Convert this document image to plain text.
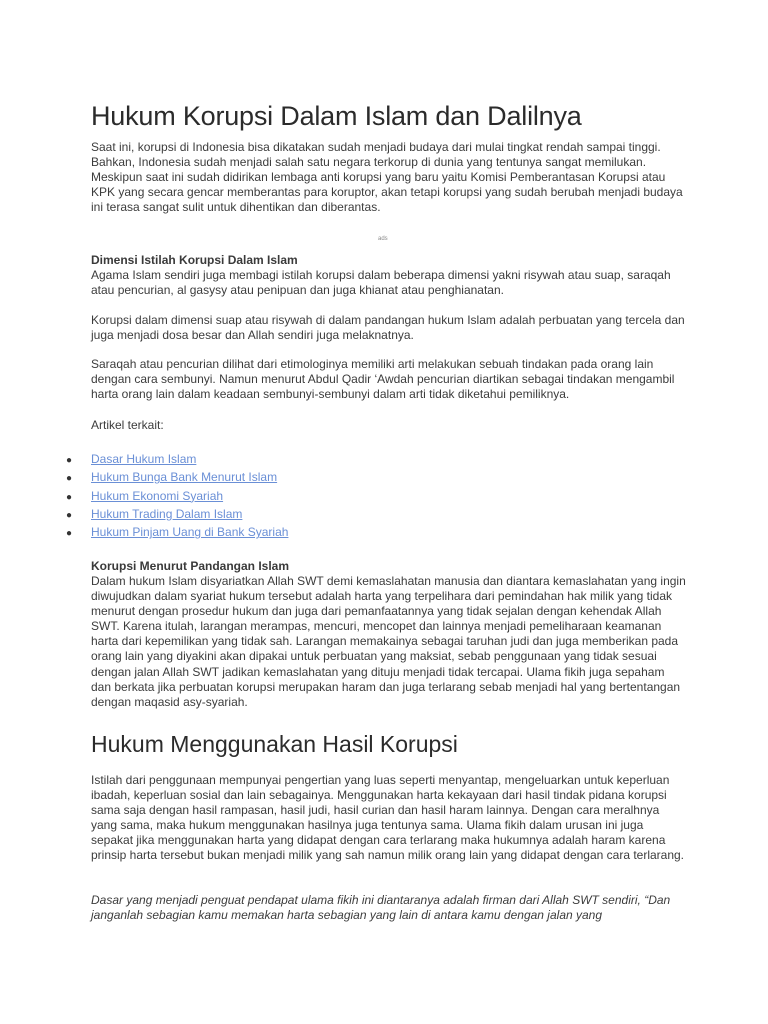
Hukum Korupsi Dalam Islam dan Dalilnya

Saat ini, korupsi di Indonesia bisa dikatakan sudah menjadi budaya dari mulai tingkat rendah sampai tinggi. Bahkan, Indonesia sudah menjadi salah satu negara terkorup di dunia yang tentunya sangat memilukan. Meskipun saat ini sudah didirikan lembaga anti korupsi yang baru yaitu Komisi Pemberantasan Korupsi atau KPK yang secara gencar memberantas para koruptor, akan tetapi korupsi yang sudah berubah menjadi budaya ini terasa sangat sulit untuk dihentikan dan diberantas.

ads
Dimensi Istilah Korupsi Dalam Islam

Agama Islam sendiri juga membagi istilah korupsi dalam beberapa dimensi yakni risywah atau suap, saraqah atau pencurian, al gasysy atau penipuan dan juga khianat atau penghianatan.

Korupsi dalam dimensi suap atau risywah di dalam pandangan hukum Islam adalah perbuatan yang tercela dan juga menjadi dosa besar dan Allah sendiri juga melaknatnya.

Saraqah atau pencurian dilihat dari etimologinya memiliki arti melakukan sebuah tindakan pada orang lain dengan cara sembunyi. Namun menurut Abdul Qadir ‘Awdah pencurian diartikan sebagai tindakan mengambil harta orang lain dalam keadaan sembunyi-sembunyi dalam arti tidak diketahui pemiliknya.

Artikel terkait:

● Dasar Hukum Islam
● Hukum Bunga Bank Menurut Islam
● Hukum Ekonomi Syariah
● Hukum Trading Dalam Islam
● Hukum Pinjam Uang di Bank Syariah
Korupsi Menurut Pandangan Islam

Dalam hukum Islam disyariatkan Allah SWT demi kemaslahatan manusia dan diantara kemaslahatan yang ingin diwujudkan dalam syariat hukum tersebut adalah harta yang terpelihara dari pemindahan hak milik yang tidak menurut dengan prosedur hukum dan juga dari pemanfaatannya yang tidak sejalan dengan kehendak Allah SWT. Karena itulah, larangan merampas, mencuri, mencopet dan lainnya menjadi pemeliharaan keamanan harta dari kepemilikan yang tidak sah. Larangan memakainya sebagai taruhan judi dan juga memberikan pada orang lain yang diyakini akan dipakai untuk perbuatan yang maksiat, sebab penggunaan yang tidak sesuai dengan jalan Allah SWT jadikan kemaslahatan yang dituju menjadi tidak tercapai. Ulama fikih juga sepaham dan berkata jika perbuatan korupsi merupakan haram dan juga terlarang sebab menjadi hal yang bertentangan dengan maqasid asy-syariah.

Hukum Menggunakan Hasil Korupsi

Istilah dari penggunaan mempunyai pengertian yang luas seperti menyantap, mengeluarkan untuk keperluan ibadah, keperluan sosial dan lain sebagainya. Menggunakan harta kekayaan dari hasil tindak pidana korupsi sama saja dengan hasil rampasan, hasil judi, hasil curian dan hasil haram lainnya. Dengan cara meralhnya yang sama, maka hukum menggunakan hasilnya juga tentunya sama. Ulama fikih dalam urusan ini juga sepakat jika menggunakan harta yang didapat dengan cara terlarang maka hukumnya adalah haram karena prinsip harta tersebut bukan menjadi milik yang sah namun milik orang lain yang didapat dengan cara terlarang.

Dasar yang menjadi penguat pendapat ulama fikih ini diantaranya adalah firman dari Allah SWT sendiri, “Dan janganlah sebagian kamu memakan harta sebagian yang lain di antara kamu dengan jalan yang
